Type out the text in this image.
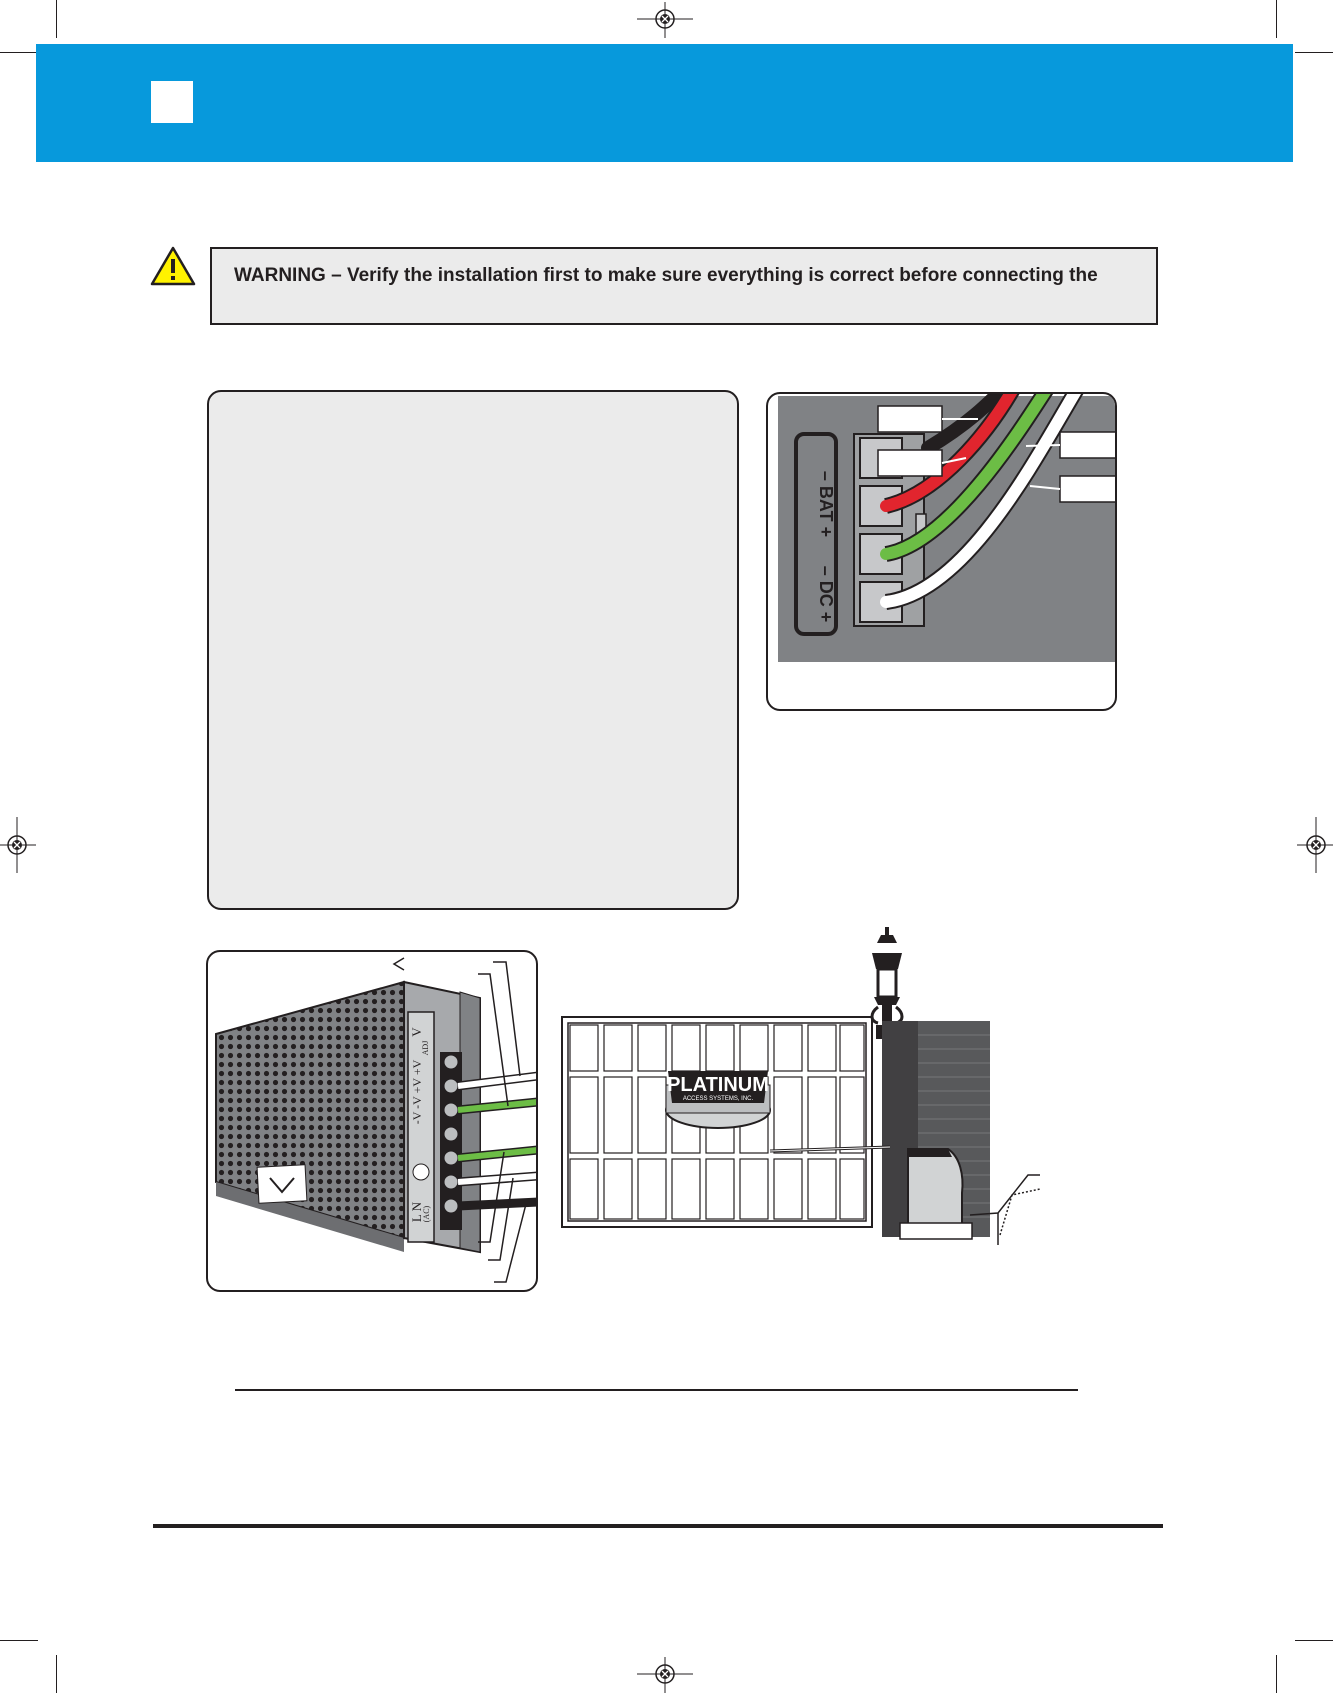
WARNING – Verify the installation first to make sure everything is correct before connecting the
– BAT +
– DC +
V
ADJ
-V -V +V +V
L N
(AC)
PLATINUM
ACCESS SYSTEMS, INC.
